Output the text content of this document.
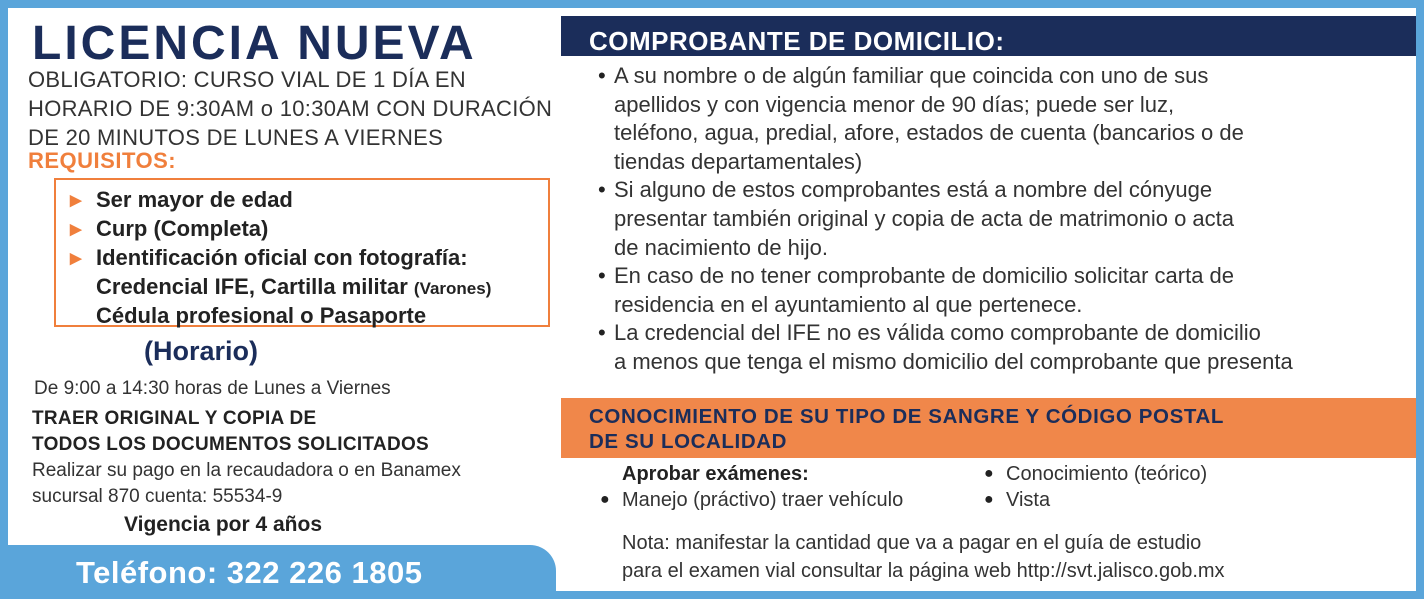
LICENCIA NUEVA
OBLIGATORIO: CURSO VIAL DE 1 DÍA EN
HORARIO DE 9:30AM o 10:30AM CON DURACIÓN
DE 20 MINUTOS DE LUNES A VIERNES
REQUISITOS:
▶ Ser mayor de edad
▶ Curp (Completa)
▶ Identificación oficial con fotografía:
Credencial IFE, Cartilla militar (Varones)
Cédula profesional o Pasaporte
(Horario)
De 9:00 a 14:30 horas de Lunes a Viernes
TRAER ORIGINAL Y COPIA DE
TODOS LOS DOCUMENTOS SOLICITADOS
Realizar su pago en la recaudadora o en Banamex
sucursal 870 cuenta: 55534-9
Vigencia por 4 años
Teléfono: 322 226 1805
COMPROBANTE DE DOMICILIO:
• A su nombre o de algún familiar que coincida con uno de sus
apellidos y con vigencia menor de 90 días; puede ser luz,
teléfono, agua, predial, afore, estados de cuenta (bancarios o de
tiendas departamentales)
• Si alguno de estos comprobantes está a nombre del cónyuge
presentar también original y copia de acta de matrimonio o acta
de nacimiento de hijo.
• En caso de no tener comprobante de domicilio solicitar carta de
residencia en el ayuntamiento al que pertenece.
• La credencial del IFE no es válida como comprobante de domicilio
a menos que tenga el mismo domicilio del comprobante que presenta
CONOCIMIENTO DE SU TIPO DE SANGRE Y CÓDIGO POSTAL
DE SU LOCALIDAD
Aprobar exámenes:
● Manejo (práctivo) traer vehículo
● Conocimiento (teórico)
● Vista
Nota: manifestar la cantidad que va a pagar en el guía de estudio
para el examen vial consultar la página web http://svt.jalisco.gob.mx
